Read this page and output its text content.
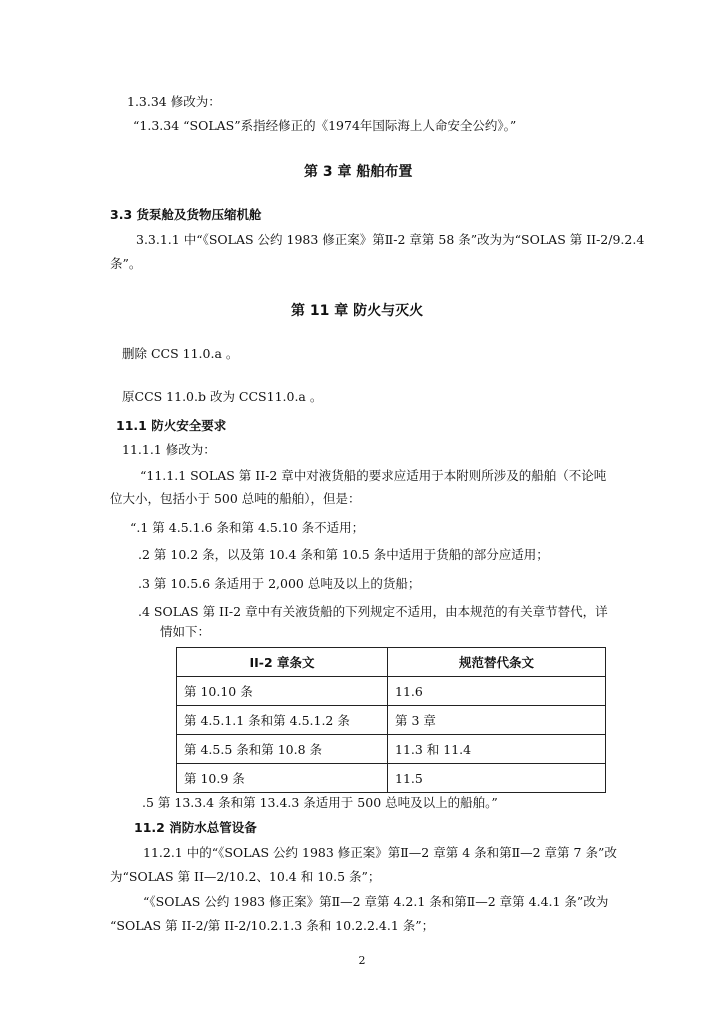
1.3.34 修改为：
“1.3.34 “SOLAS”系指经修正的《1974年国际海上人命安全公约》。”
第 3 章 船舶布置
3.3 货泵舱及货物压缩机舱
3.3.1.1 中“《SOLAS 公约 1983 修正案》第Ⅱ-2 章第 58 条”改为为“SOLAS 第 II-2/9.2.4
条”。
第 11 章 防火与灭火
删除 CCS 11.0.a 。
原CCS 11.0.b 改为 CCS11.0.a 。
11.1 防火安全要求
11.1.1 修改为：
“11.1.1 SOLAS 第 II-2 章中对液货船的要求应适用于本附则所涉及的船舶（不论吨
位大小，包括小于 500 总吨的船舶），但是：
“.1 第 4.5.1.6 条和第 4.5.10 条不适用；
.2 第 10.2 条，以及第 10.4 条和第 10.5 条中适用于货船的部分应适用；
.3 第 10.5.6 条适用于 2,000 总吨及以上的货船；
.4 SOLAS 第 II-2 章中有关液货船的下列规定不适用，由本规范的有关章节替代，详
情如下：
II-2 章条文	规范替代条文
第 10.10 条	11.6
第 4.5.1.1 条和第 4.5.1.2 条	第 3 章
第 4.5.5 条和第 10.8 条	11.3 和 11.4
第 10.9 条	11.5
.5 第 13.3.4 条和第 13.4.3 条适用于 500 总吨及以上的船舶。”
11.2 消防水总管设备
11.2.1 中的“《SOLAS 公约 1983 修正案》第Ⅱ—2 章第 4 条和第Ⅱ—2 章第 7 条”改
为“SOLAS 第 II—2/10.2、10.4 和 10.5 条”；
“《SOLAS 公约 1983 修正案》第Ⅱ—2 章第 4.2.1 条和第Ⅱ—2 章第 4.4.1 条”改为
“SOLAS 第 II-2/第 II-2/10.2.1.3 条和 10.2.2.4.1 条”；
2
